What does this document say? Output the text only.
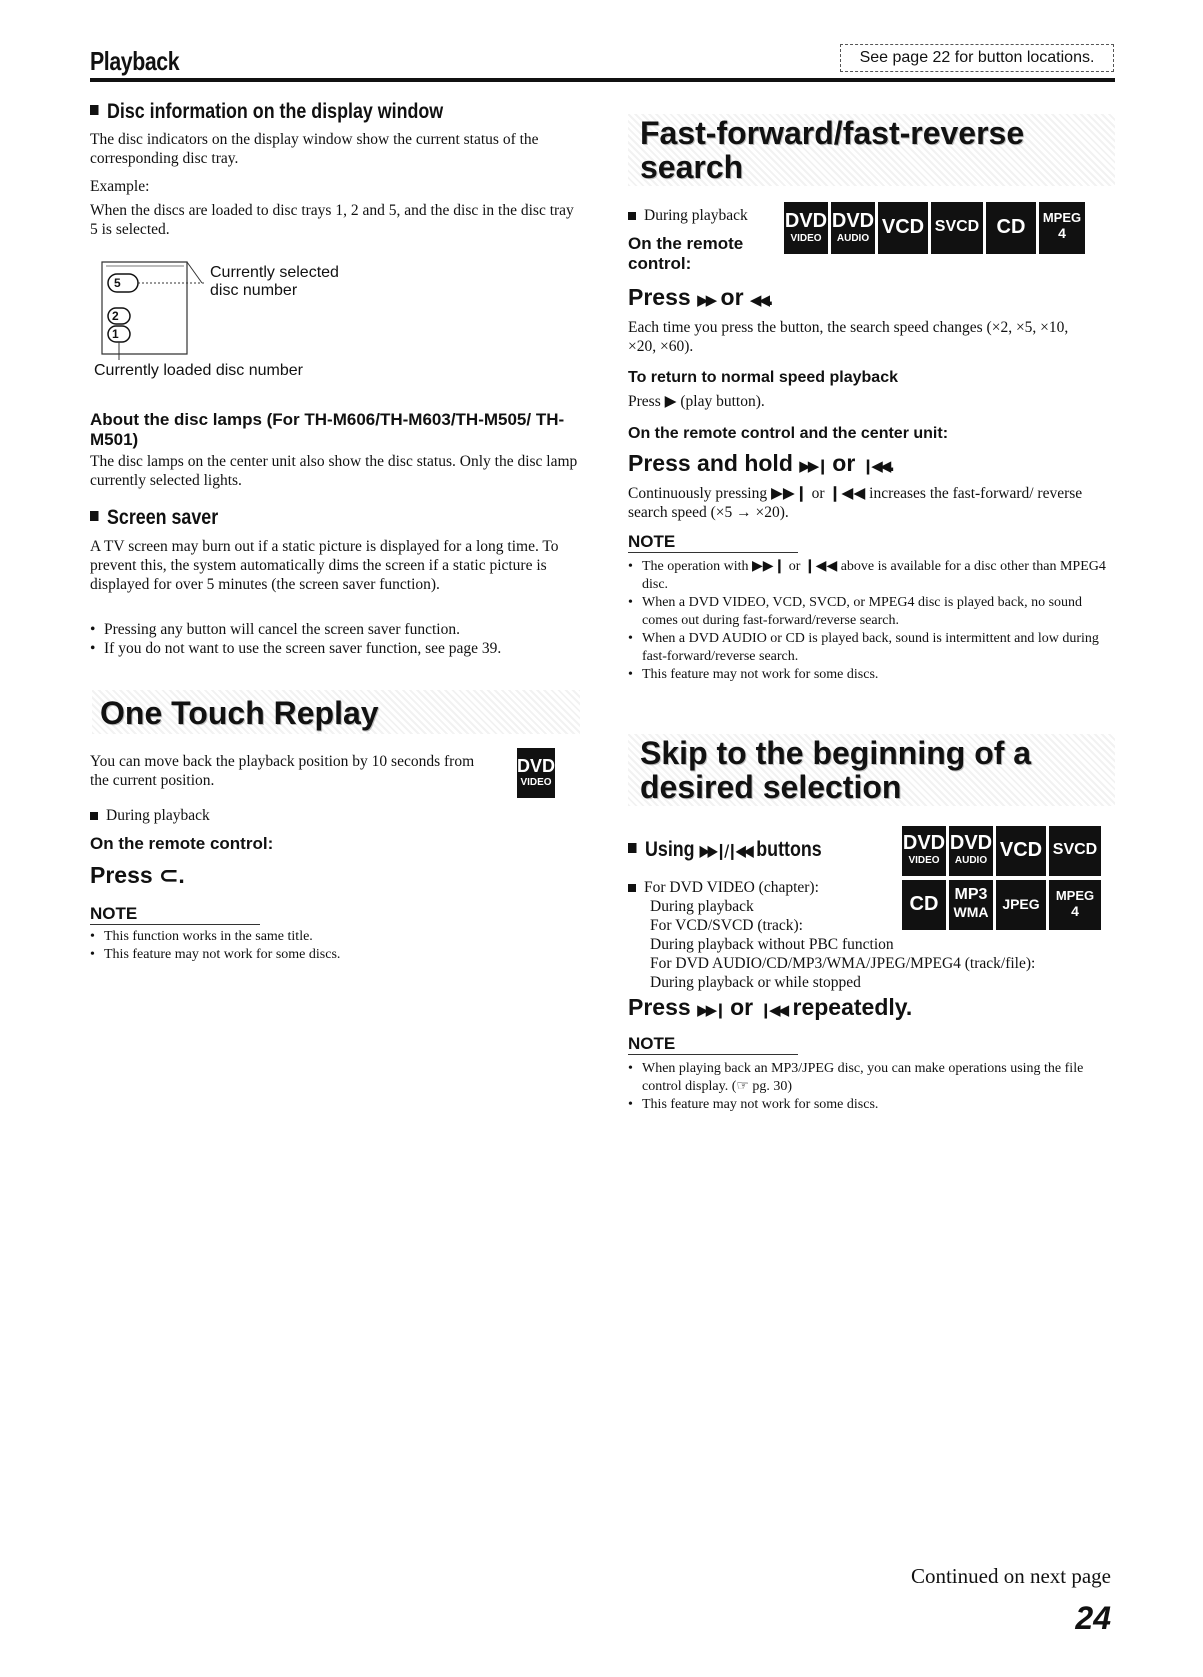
Playback	See page 22 for button locations.
Disc information on the display window
The disc indicators on the display window show the current status of the corresponding disc tray.
Example:
When the discs are loaded to disc trays 1, 2 and 5, and the disc in the disc tray 5 is selected.
5
2
1
Currently selected
disc number
Currently loaded disc number
About the disc lamps (For TH-M606/TH-M603/TH-M505/ TH-M501)
The disc lamps on the center unit also show the disc status. Only the disc lamp currently selected lights.
Screen saver
A TV screen may burn out if a static picture is displayed for a long time. To prevent this, the system automatically dims the screen if a static picture is displayed for over 5 minutes (the screen saver function).
• Pressing any button will cancel the screen saver function.
• If you do not want to use the screen saver function, see page 39.
One Touch Replay
You can move back the playback position by 10 seconds from the current position.
DVD
VIDEO
During playback
On the remote control:
Press ⊂.
NOTE
• This function works in the same title.
• This feature may not work for some discs.
Fast-forward/fast-reverse
search
During playback
On the remote control:
DVD
VIDEO
DVD
AUDIO
VCD SVCD CD	MPEG
4
Press ▶▶ or ◀◀.
Each time you press the button, the search speed changes (×2, ×5, ×10, ×20, ×60).
To return to normal speed playback
Press ▶ (play button).
On the remote control and the center unit:
Press and hold ▶▶❙ or ❙◀◀.
Continuously pressing ▶▶❙ or ❙◀◀ increases the fast-forward/ reverse search speed (×5 → ×20).
NOTE
• The operation with ▶▶❙ or ❙◀◀ above is available for a disc other than MPEG4 disc.
• When a DVD VIDEO, VCD, SVCD, or MPEG4 disc is played back, no sound comes out during fast-forward/reverse search.
• When a DVD AUDIO or CD is played back, sound is intermittent and low during fast-forward/reverse search.
• This feature may not work for some discs.
Skip to the beginning of a
desired selection
Using ▶▶❙/❙◀◀ buttons	DVD
VIDEO
DVD
AUDIO VCD SVCD
CD	MP3
WMA JPEG
MPEG
4
For DVD VIDEO (chapter):
During playback
For VCD/SVCD (track):
During playback without PBC function
For DVD AUDIO/CD/MP3/WMA/JPEG/MPEG4 (track/file):
During playback or while stopped
Press ▶▶❙ or ❙◀◀ repeatedly.
NOTE
• When playing back an MP3/JPEG disc, you can make operations using the file control display. (☞ pg. 30)
• This feature may not work for some discs.
Continued on next page
24
